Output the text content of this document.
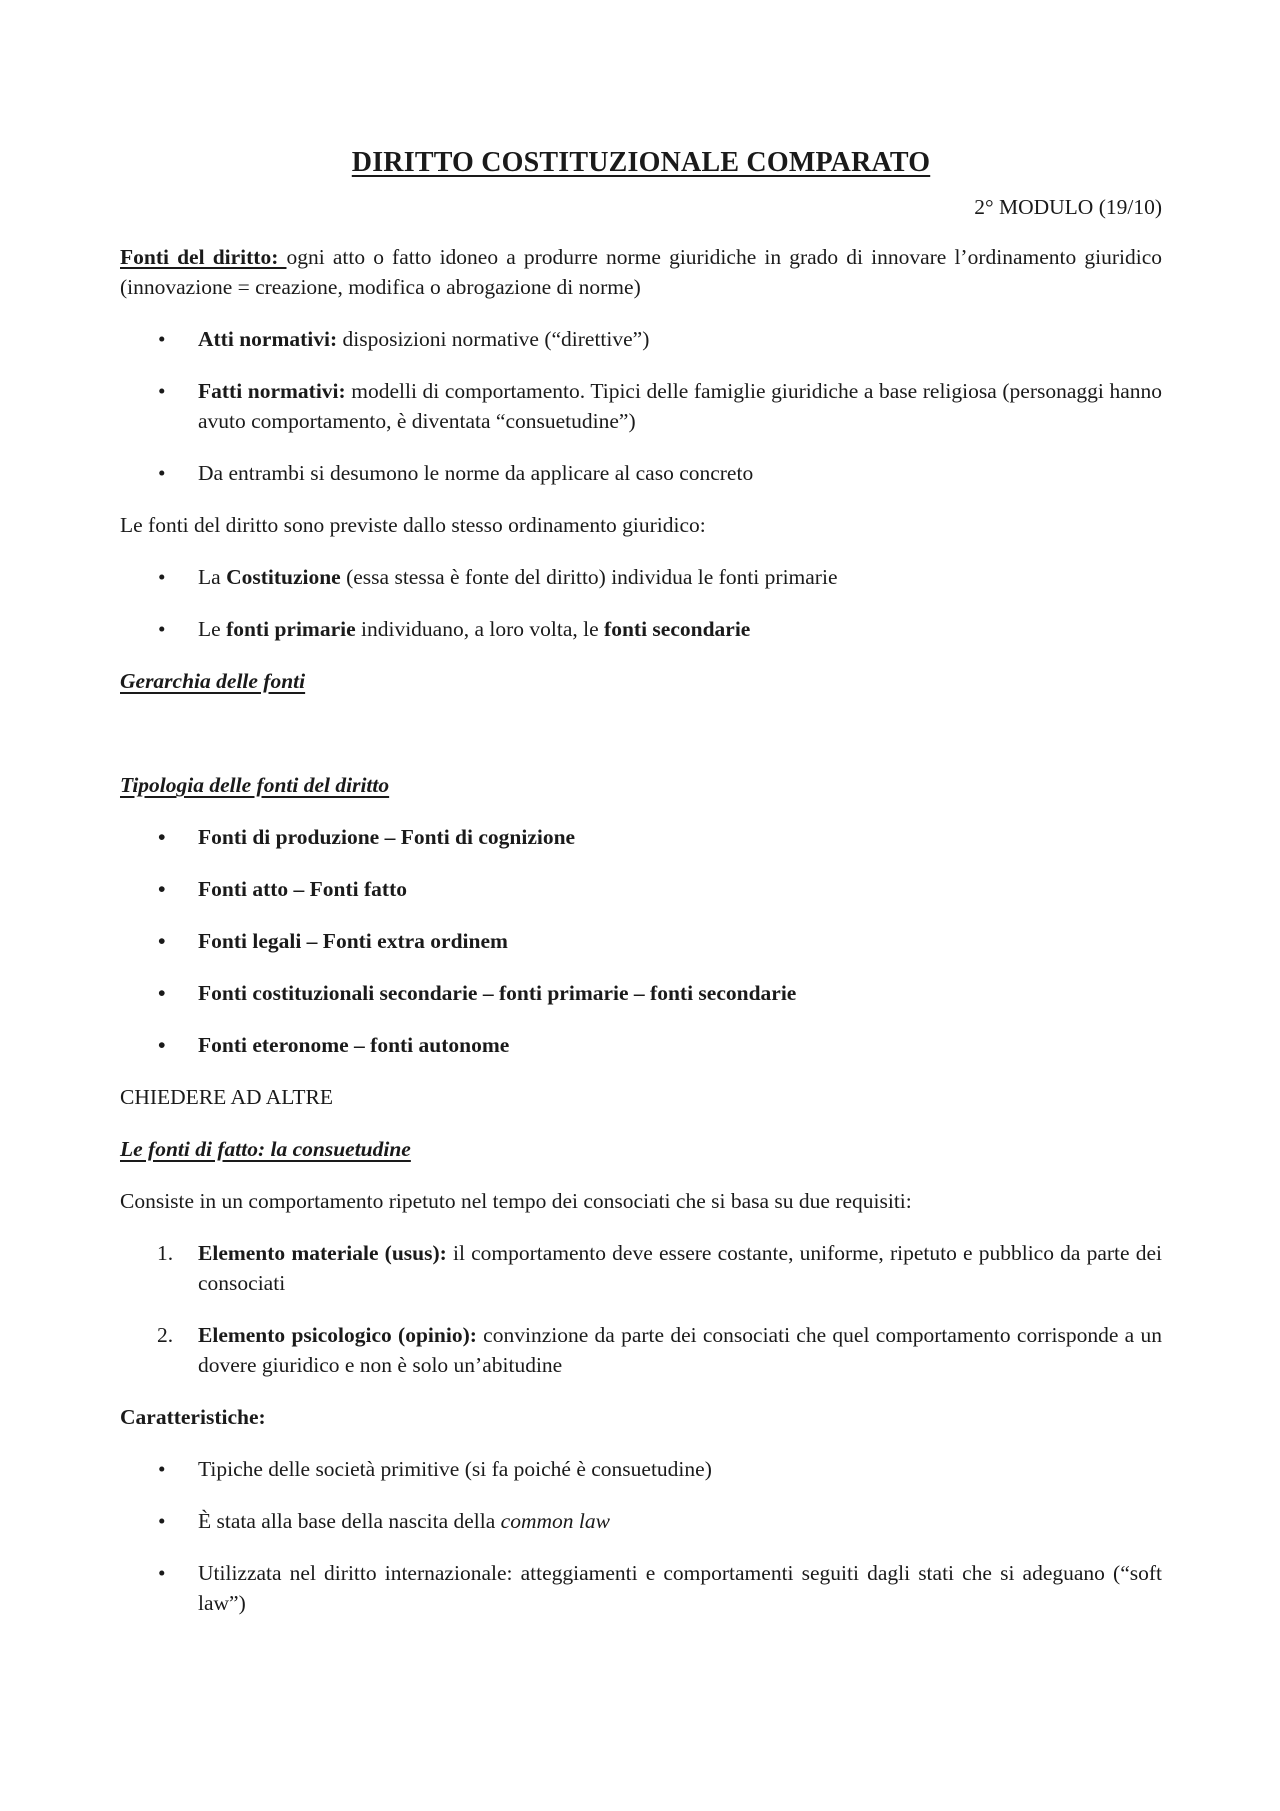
DIRITTO COSTITUZIONALE COMPARATO

2° MODULO (19/10)

Fonti del diritto: ogni atto o fatto idoneo a produrre norme giuridiche in grado di innovare l’ordinamento giuridico (innovazione = creazione, modifica o abrogazione di norme)

•	Atti normativi: disposizioni normative (“direttive”)
•	Fatti normativi: modelli di comportamento. Tipici delle famiglie giuridiche a base religiosa (personaggi hanno avuto comportamento, è diventata “consuetudine”)
•	Da entrambi si desumono le norme da applicare al caso concreto

Le fonti del diritto sono previste dallo stesso ordinamento giuridico:

•	La Costituzione (essa stessa è fonte del diritto) individua le fonti primarie
•	Le fonti primarie individuano, a loro volta, le fonti secondarie

Gerarchia delle fonti

Tipologia delle fonti del diritto

•	Fonti di produzione – Fonti di cognizione
•	Fonti atto – Fonti fatto
•	Fonti legali – Fonti extra ordinem
•	Fonti costituzionali secondarie – fonti primarie – fonti secondarie
•	Fonti eteronome – fonti autonome

CHIEDERE AD ALTRE

Le fonti di fatto: la consuetudine

Consiste in un comportamento ripetuto nel tempo dei consociati che si basa su due requisiti:

1.	Elemento materiale (usus): il comportamento deve essere costante, uniforme, ripetuto e pubblico da parte dei consociati
2.	Elemento psicologico (opinio): convinzione da parte dei consociati che quel comportamento corrisponde a un dovere giuridico e non è solo un’abitudine

Caratteristiche:

•	Tipiche delle società primitive (si fa poiché è consuetudine)
•	È stata alla base della nascita della common law
•	Utilizzata nel diritto internazionale: atteggiamenti e comportamenti seguiti dagli stati che si adeguano (“soft law”)
